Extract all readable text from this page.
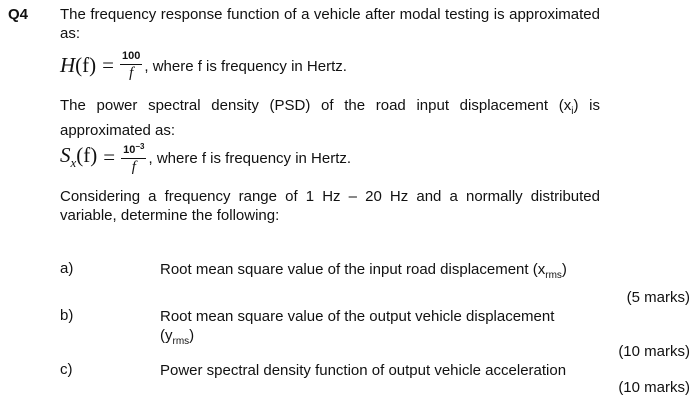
Q4 The frequency response function of a vehicle after modal testing is approximated as:
$H(f) = \frac{100}{f}$ , where f is frequency in Hertz.
The power spectral density (PSD) of the road input displacement $(x_i)$ is approximated as:
$S_x(f) = \frac{10^{-3}}{f}$ , where f is frequency in Hertz.
Considering a frequency range of 1 Hz – 20 Hz and a normally distributed variable, determine the following:
a)	Root mean square value of the input road displacement $(x_{rms})$
(5 marks)
b)	Root mean square value of the output vehicle displacement
$(y_{rms})$
(10 marks)
c)	Power spectral density function of output vehicle acceleration
(10 marks)
